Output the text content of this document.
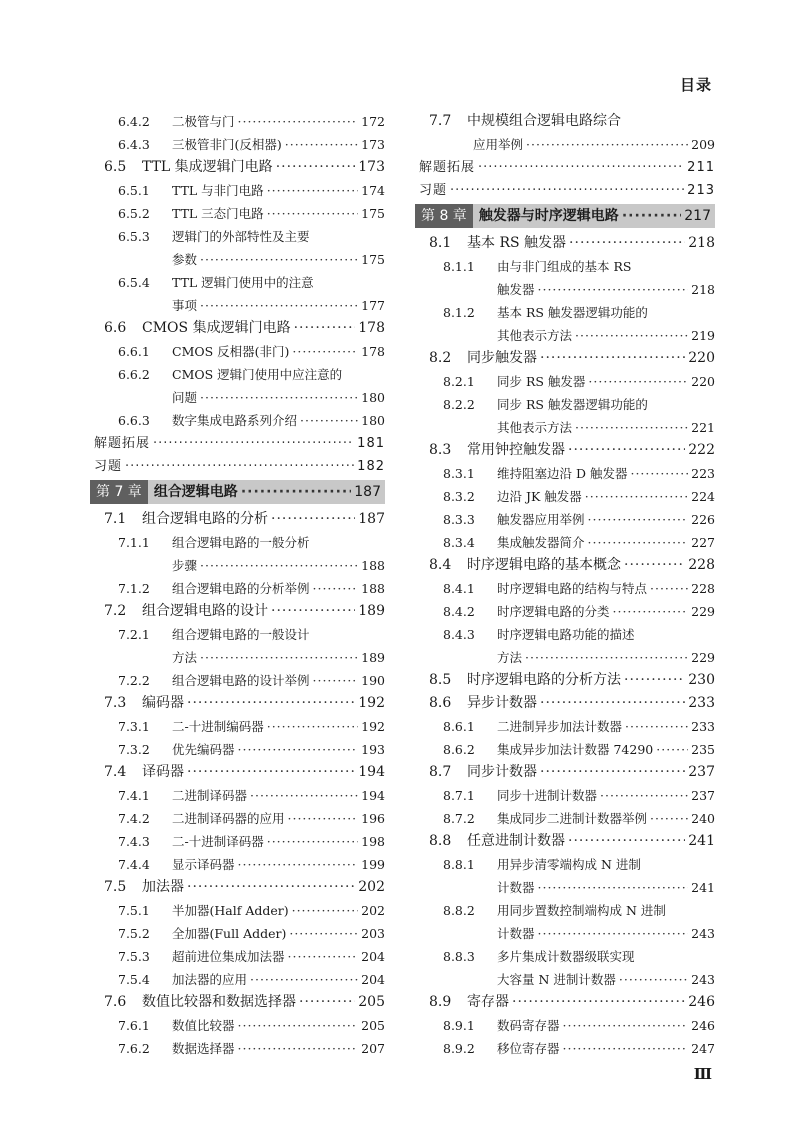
目录
6.4.2	二极管与门 ·····	172
6.4.3	三极管非门(反相器) ·····	173
6.5	TTL 集成逻辑门电路 ·····	173
6.5.1	TTL 与非门电路 ·····	174
6.5.2	TTL 三态门电路 ·····	175
6.5.3	逻辑门的外部特性及主要
参数 ·····	175
6.5.4	TTL 逻辑门使用中的注意
事项 ·····	177
6.6	CMOS 集成逻辑门电路 ·····	178
6.6.1	CMOS 反相器(非门) ·····	178
6.6.2	CMOS 逻辑门使用中应注意的
问题 ·····	180
6.6.3	数字集成电路系列介绍 ·····	180
解题拓展 ·····	181
习题 ·····	182
第 7 章 组合逻辑电路 ·····	187
7.1	组合逻辑电路的分析 ·····	187
7.1.1	组合逻辑电路的一般分析
步骤 ·····	188
7.1.2	组合逻辑电路的分析举例 ·····	188
7.2	组合逻辑电路的设计 ·····	189
7.2.1	组合逻辑电路的一般设计
方法 ·····	189
7.2.2	组合逻辑电路的设计举例 ·····	190
7.3	编码器 ·····	192
7.3.1	二-十进制编码器 ·····	192
7.3.2	优先编码器 ·····	193
7.4	译码器 ·····	194
7.4.1	二进制译码器 ·····	194
7.4.2	二进制译码器的应用 ·····	196
7.4.3	二-十进制译码器 ·····	198
7.4.4	显示译码器 ·····	199
7.5	加法器 ·····	202
7.5.1	半加器(Half Adder) ·····	202
7.5.2	全加器(Full Adder) ·····	203
7.5.3	超前进位集成加法器 ·····	204
7.5.4	加法器的应用 ·····	204
7.6	数值比较器和数据选择器 ·····	205
7.6.1	数值比较器 ·····	205
7.6.2	数据选择器 ·····	207
7.7	中规模组合逻辑电路综合
应用举例 ·····	209
解题拓展 ·····	211
习题 ·····	213
第 8 章 触发器与时序逻辑电路 ·····	217
8.1	基本 RS 触发器 ·····	218
8.1.1	由与非门组成的基本 RS
触发器 ·····	218
8.1.2	基本 RS 触发器逻辑功能的
其他表示方法 ·····	219
8.2	同步触发器 ·····	220
8.2.1	同步 RS 触发器 ·····	220
8.2.2	同步 RS 触发器逻辑功能的
其他表示方法 ·····	221
8.3	常用钟控触发器 ·····	222
8.3.1	维持阻塞边沿 D 触发器 ·····	223
8.3.2	边沿 JK 触发器 ·····	224
8.3.3	触发器应用举例 ·····	226
8.3.4	集成触发器简介 ·····	227
8.4	时序逻辑电路的基本概念 ·····	228
8.4.1	时序逻辑电路的结构与特点 ·····	228
8.4.2	时序逻辑电路的分类 ·····	229
8.4.3	时序逻辑电路功能的描述
方法 ·····	229
8.5	时序逻辑电路的分析方法 ·····	230
8.6	异步计数器 ·····	233
8.6.1	二进制异步加法计数器 ·····	233
8.6.2	集成异步加法计数器 74290 ·····	235
8.7	同步计数器 ·····	237
8.7.1	同步十进制计数器 ·····	237
8.7.2	集成同步二进制计数器举例 ·····	240
8.8	任意进制计数器 ·····	241
8.8.1	用异步清零端构成 N 进制
计数器 ·····	241
8.8.2	用同步置数控制端构成 N 进制
计数器 ·····	243
8.8.3	多片集成计数器级联实现
大容量 N 进制计数器 ·····	243
8.9	寄存器 ·····	246
8.9.1	数码寄存器 ·····	246
8.9.2	移位寄存器 ·····	247
Ⅲ
